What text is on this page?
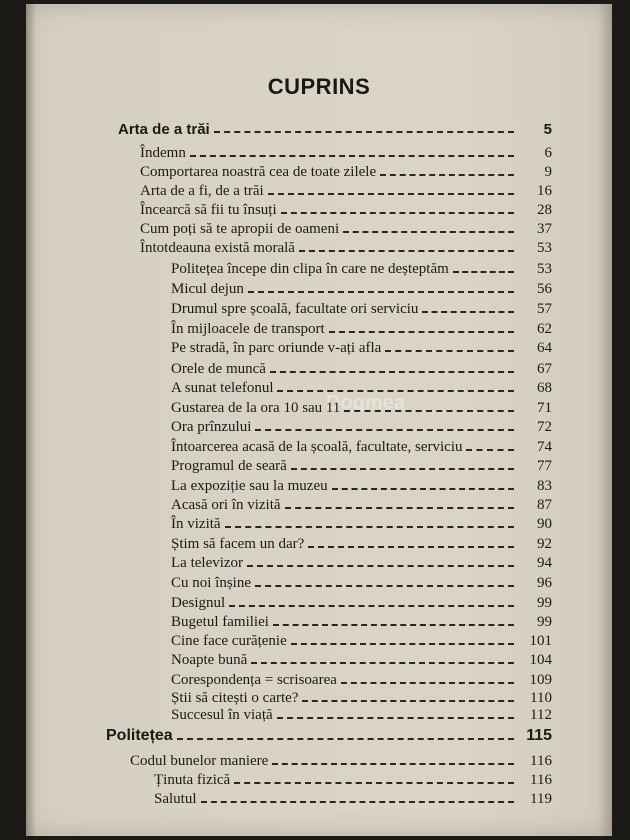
CUPRINS
Dogmea
Arta de a trăi	5
Îndemn	6
Comportarea noastră cea de toate zilele	9
Arta de a fi, de a trăi	16
Încearcă să fii tu însuți	28
Cum poți să te apropii de oameni	37
Întotdeauna există morală	53
Politețea începe din clipa în care ne deșteptăm	53
Micul dejun	56
Drumul spre școală, facultate ori serviciu	57
În mijloacele de transport	62
Pe stradă, în parc oriunde v-ați afla	64
Orele de muncă	67
A sunat telefonul	68
Gustarea de la ora 10 sau 11	71
Ora prînzului	72
Întoarcerea acasă de la școală, facultate, serviciu	74
Programul de seară	77
La expoziție sau la muzeu	83
Acasă ori în vizită	87
În vizită	90
Știm să facem un dar?	92
La televizor	94
Cu noi înșine	96
Designul	99
Bugetul familiei	99
Cine face curățenie	101
Noapte bună	104
Corespondența = scrisoarea	109
Știi să citești o carte?	110
Succesul în viață	112
Politețea	115
Codul bunelor maniere	116
Ținuta fizică	116
Salutul	119
